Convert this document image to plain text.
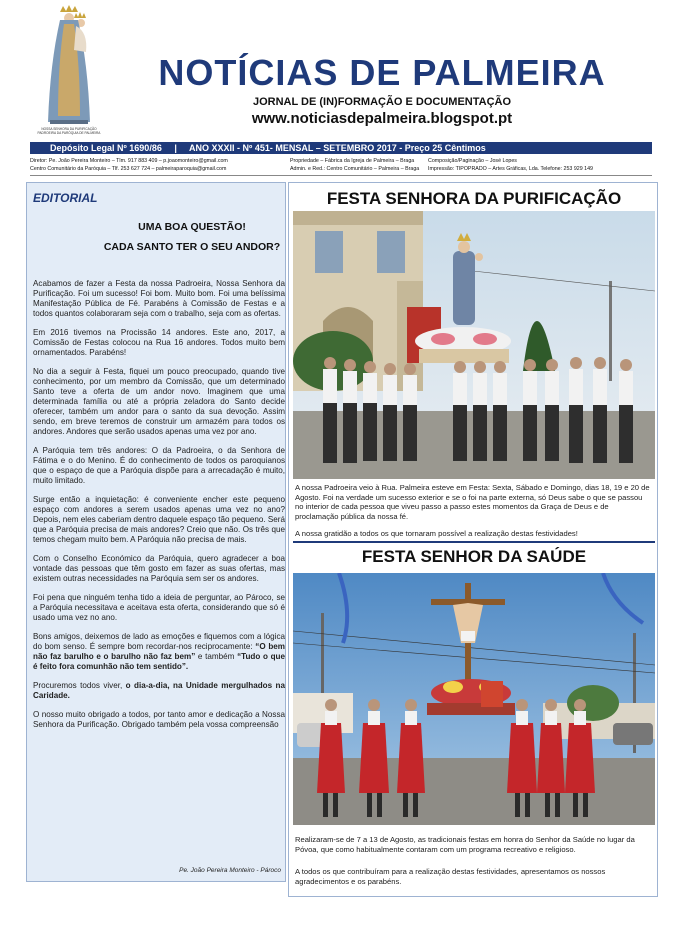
NOSSA SENHORA DA PURIFICAÇÃO
PADROEIRA DA PARÓQUIA DE PALMEIRA
NOTÍCIAS DE PALMEIRA
JORNAL DE (IN)FORMAÇÃO E DOCUMENTAÇÃO
www.noticiasdepalmeira.blogspot.pt
Depósito Legal Nº 1690/86 | ANO XXXII - Nº 451- MENSAL – SETEMBRO 2017 - Preço 25 Cêntimos
Diretor: Pe. João Pereira Monteiro – Tlm. 917 883 409 – p.joaomonteiro@gmail.com
Centro Comunitário da Paróquia – Tlf. 253 627 724 – palmeiraparoquia@gmail.com
Propriedade – Fábrica da Igreja de Palmeira – Braga
Admin. e Red.: Centro Comunitário – Palmeira – Braga
Composição/Paginação – José Lopes
Impressão: TIPOPRADO – Artes Gráficas, Lda. Telefone: 253 929 149
EDITORIAL
UMA BOA QUESTÃO!
CADA SANTO TER O SEU ANDOR?

Acabamos de fazer a Festa da nossa Padroeira, Nossa Senhora da Purificação. Foi um sucesso! Foi bom. Muito bom. Foi uma belíssima Manifestação Pública de Fé. Parabéns à Comissão de Festas e a todos quantos colaboraram seja com o trabalho, seja com as ofertas.

Em 2016 tivemos na Procissão 14 andores. Este ano, 2017, a Comissão de Festas colocou na Rua 16 andores. Todos muito bem ornamentados. Parabéns!

No dia a seguir à Festa, fiquei um pouco preocupado, quando tive conhecimento, por um membro da Comissão, que um determinado Santo teve a oferta de um andor novo. Imaginem que uma determinada família ou até a própria zeladora do Santo decide oferecer, também um andor para o santo da sua devoção. Assim sendo, em breve teremos de construir um armazém para todos os andores. Andores que serão usados apenas uma vez por ano.

A Paróquia tem três andores: O da Padroeira, o da Senhora de Fátima e o do Menino. É do conhecimento de todos os paroquianos que o espaço de que a Paróquia dispõe para a arrecadação é muito, muito limitado.

Surge então a inquietação: é conveniente encher este pequeno espaço com andores a serem usados apenas uma vez no ano? Depois, nem eles caberiam dentro daquele espaço tão pequeno. Será que a Paróquia precisa de mais andores? Creio que não. Os três que temos chegam muito bem. A Paróquia não precisa de mais.

Com o Conselho Económico da Paróquia, quero agradecer a boa vontade das pessoas que têm gosto em fazer as suas ofertas, mas existem outras necessidades na Paróquia sem ser os andores.

Foi pena que ninguém tenha tido a ideia de perguntar, ao Pároco, se a Paróquia necessitava e aceitava esta oferta, considerando que só é usado uma vez no ano.

Bons amigos, deixemos de lado as emoções e fiquemos com a lógica do bom senso. É sempre bom recordar-nos reciprocamente: “O bem não faz barulho e o barulho não faz bem” e também “Tudo o que é feito fora comunhão não tem sentido”.

Procuremos todos viver, o dia-a-dia, na Unidade mergulhados na Caridade.

O nosso muito obrigado a todos, por tanto amor e dedicação a Nossa Senhora da Purificação. Obrigado também pela vossa compreensão

Pe. João Pereira Monteiro - Pároco
FESTA SENHORA DA PURIFICAÇÃO
A nossa Padroeira veio à Rua. Palmeira esteve em Festa: Sexta, Sábado e Domingo, dias 18, 19 e 20 de Agosto. Foi na verdade um sucesso exterior e se o foi na parte externa, só Deus sabe o que se passou no interior de cada pessoa que viveu passo a passo estes momentos da Graça de Deus e de proclamação pública da nossa fé.
A nossa gratidão a todos os que tornaram possível a realização destas festividades!
FESTA SENHOR DA SAÚDE
Realizaram-se de 7 a 13 de Agosto, as tradicionais festas em honra do Senhor da Saúde no lugar da Póvoa, que como habitualmente contaram com um programa recreativo e religioso.
A todos os que contribuíram para a realização destas festividades, apresentamos os nossos agradecimentos e os parabéns.
